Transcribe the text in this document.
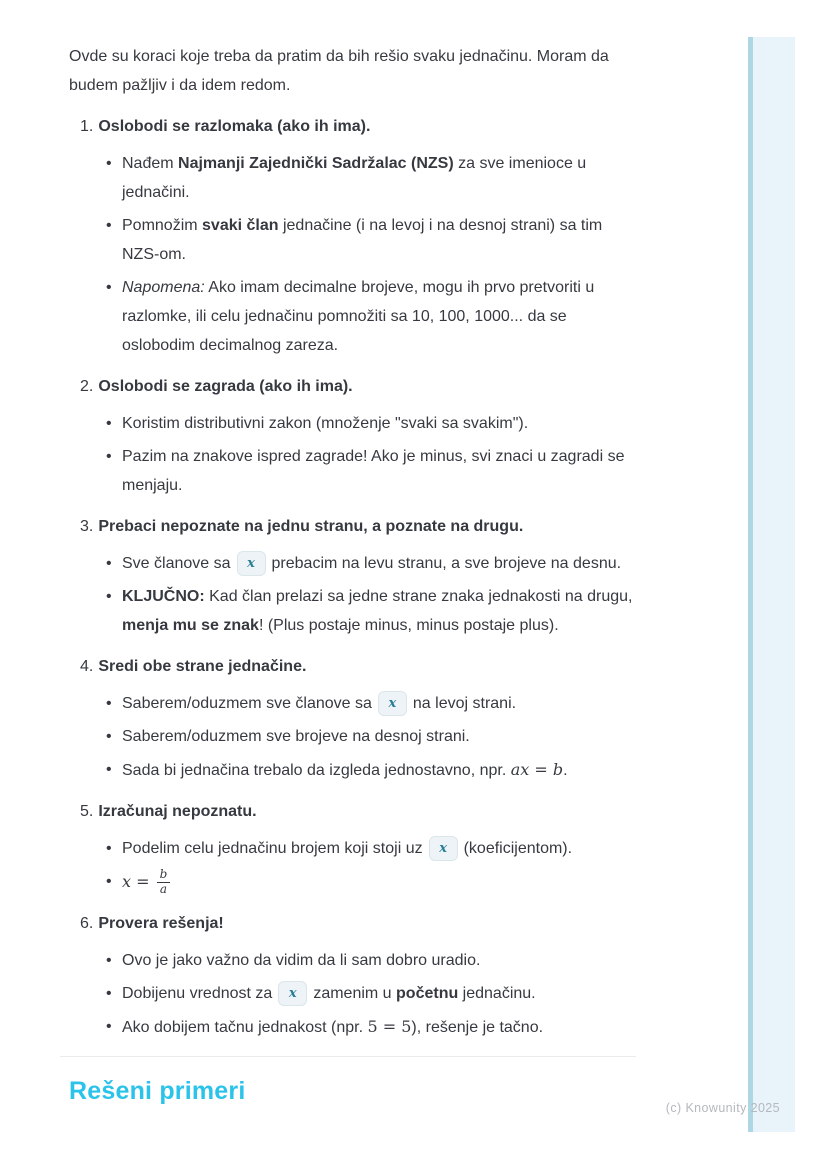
Ovde su koraci koje treba da pratim da bih rešio svaku jednačinu. Moram da budem pažljiv i da idem redom.

1. Oslobodi se razlomaka (ako ih ima).
• Nađem Najmanji Zajednički Sadržalac (NZS) za sve imenioce u jednačini.
• Pomnožim svaki član jednačine (i na levoj i na desnoj strani) sa tim NZS-om.
• Napomena: Ako imam decimalne brojeve, mogu ih prvo pretvoriti u razlomke, ili celu jednačinu pomnožiti sa 10, 100, 1000... da se oslobodim decimalnog zareza.
2. Oslobodi se zagrada (ako ih ima).
• Koristim distributivni zakon (množenje "svaki sa svakim").
• Pazim na znakove ispred zagrade! Ako je minus, svi znaci u zagradi se menjaju.
3. Prebaci nepoznate na jednu stranu, a poznate na drugu.
• Sve članove sa x prebacim na levu stranu, a sve brojeve na desnu.
• KLJUČNO: Kad član prelazi sa jedne strane znaka jednakosti na drugu, menja mu se znak! (Plus postaje minus, minus postaje plus).
4. Sredi obe strane jednačine.
• Saberem/oduzmem sve članove sa x na levoj strani.
• Saberem/oduzmem sve brojeve na desnoj strani.
• Sada bi jednačina trebalo da izgleda jednostavno, npr. ax = b.
5. Izračunaj nepoznatu.
• Podelim celu jednačinu brojem koji stoji uz x (koeficijentom).
• $x = \frac{b}{a}$
6. Provera rešenja!
• Ovo je jako važno da vidim da li sam dobro uradio.
• Dobijenu vrednost za x zamenim u početnu jednačinu.
• Ako dobijem tačnu jednakost (npr. 5 = 5), rešenje je tačno.
Rešeni primeri
(c) Knowunity 2025
